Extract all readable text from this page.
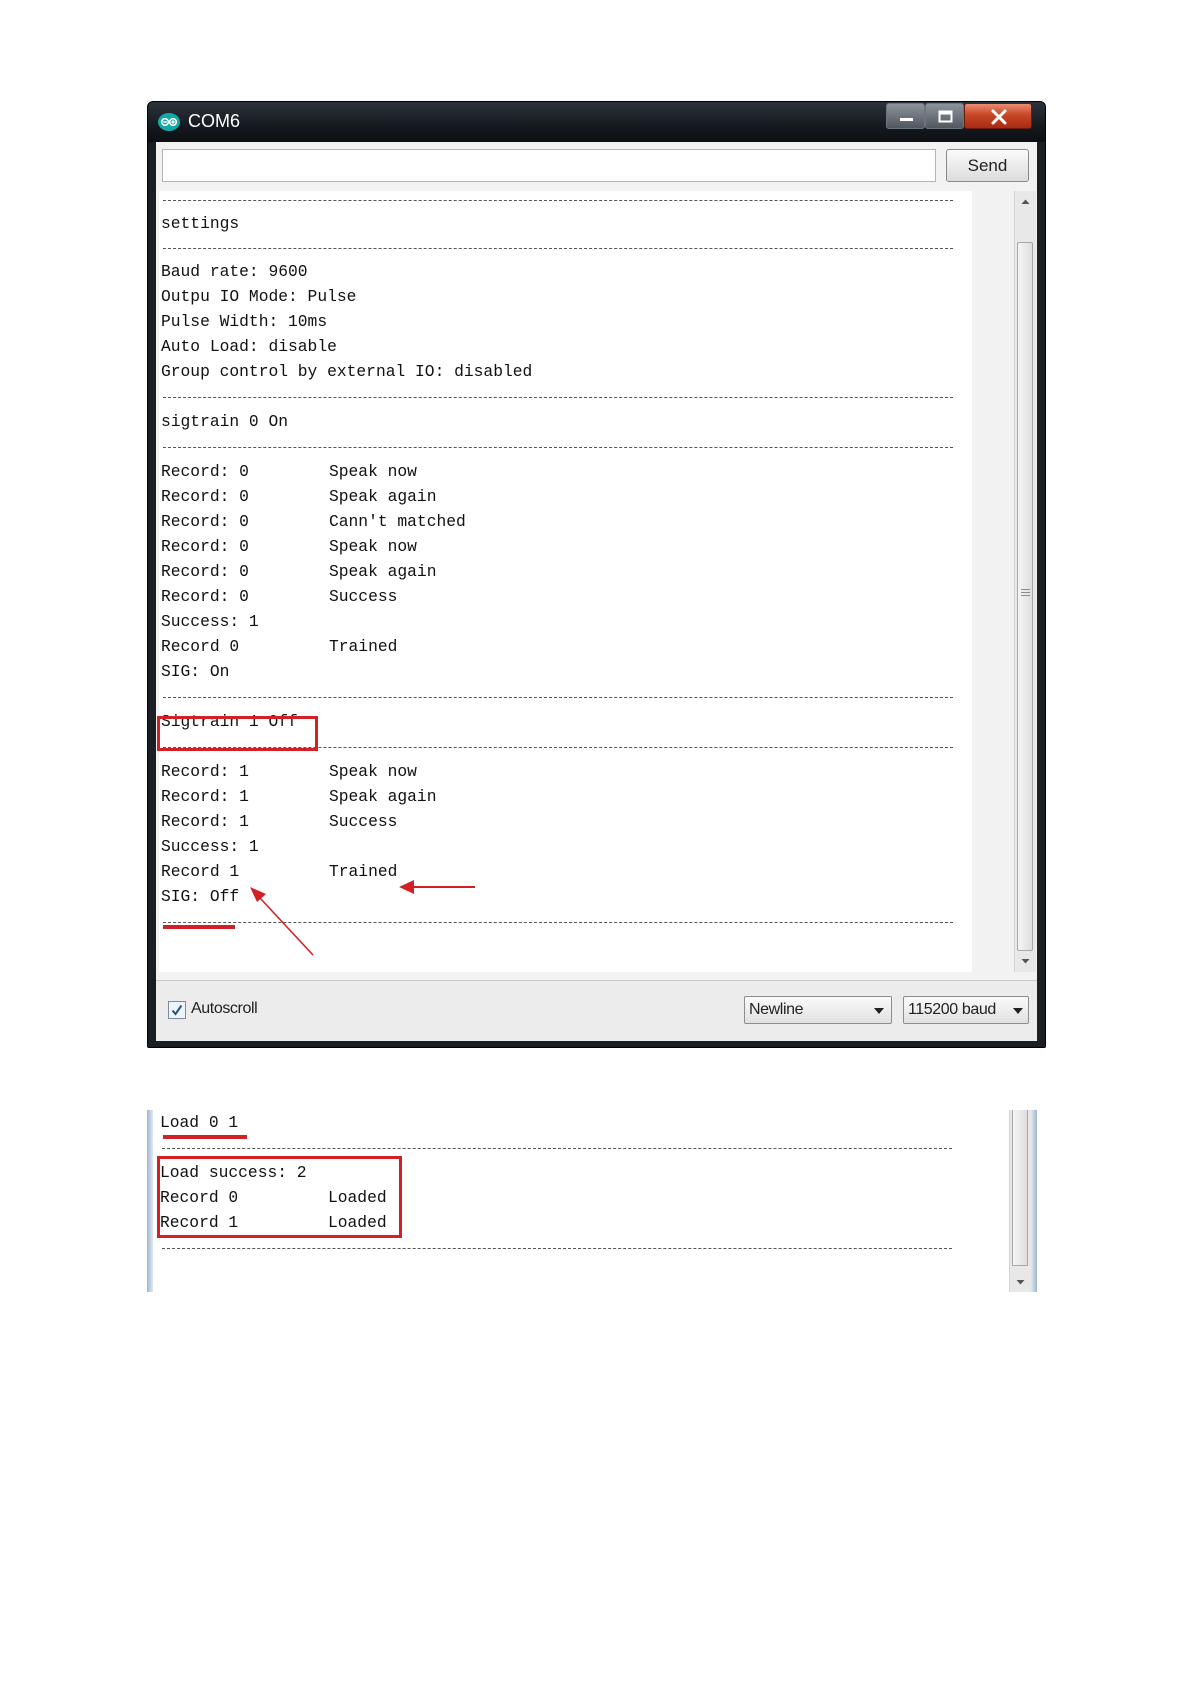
COM6
Send
settings
Baud rate: 9600
Outpu IO Mode: Pulse
Pulse Width: 10ms
Auto Load: disable
Group control by external IO: disabled
sigtrain 0 On
Record: 0	Speak now
Record: 0	Speak again
Record: 0	Cann't matched
Record: 0	Speak now
Record: 0	Speak again
Record: 0	Success
Success: 1
Record 0	Trained
SIG: On
Sigtrain 1 Off
Record: 1	Speak now
Record: 1	Speak again
Record: 1	Success
Success: 1
Record 1	Trained
SIG: Off
Autoscroll	Newline	115200 baud
Load 0 1
Load success: 2
Record 0	Loaded
Record 1	Loaded
